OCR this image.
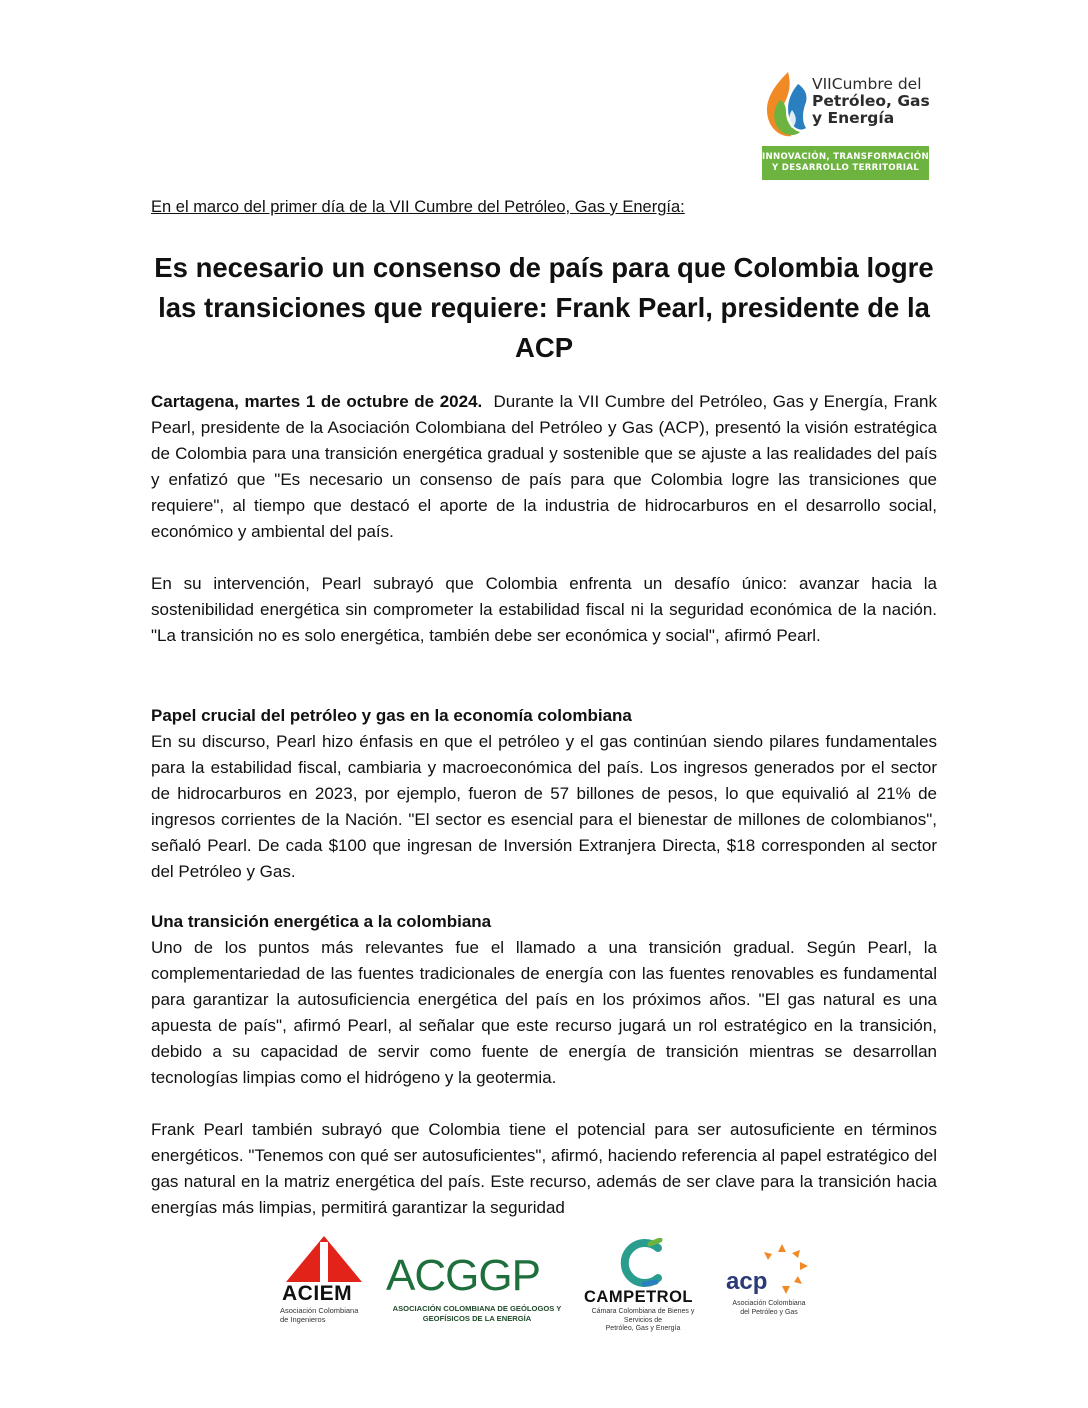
VIICumbre del
Petróleo, Gas
y Energía
INNOVACIÓN, TRANSFORMACIÓN
Y DESARROLLO TERRITORIAL
En el marco del primer día de la VII Cumbre del Petróleo, Gas y Energía:
Es necesario un consenso de país para que Colombia logre las transiciones que requiere: Frank Pearl, presidente de la ACP
Cartagena, martes 1 de octubre de 2024. Durante la VII Cumbre del Petróleo, Gas y Energía, Frank Pearl, presidente de la Asociación Colombiana del Petróleo y Gas (ACP), presentó la visión estratégica de Colombia para una transición energética gradual y sostenible que se ajuste a las realidades del país y enfatizó que "Es necesario un consenso de país para que Colombia logre las transiciones que requiere", al tiempo que destacó el aporte de la industria de hidrocarburos en el desarrollo social, económico y ambiental del país.
En su intervención, Pearl subrayó que Colombia enfrenta un desafío único: avanzar hacia la sostenibilidad energética sin comprometer la estabilidad fiscal ni la seguridad económica de la nación. "La transición no es solo energética, también debe ser económica y social", afirmó Pearl.
Papel crucial del petróleo y gas en la economía colombiana
En su discurso, Pearl hizo énfasis en que el petróleo y el gas continúan siendo pilares fundamentales para la estabilidad fiscal, cambiaria y macroeconómica del país. Los ingresos generados por el sector de hidrocarburos en 2023, por ejemplo, fueron de 57 billones de pesos, lo que equivalió al 21% de ingresos corrientes de la Nación. "El sector es esencial para el bienestar de millones de colombianos", señaló Pearl. De cada $100 que ingresan de Inversión Extranjera Directa, $18 corresponden al sector del Petróleo y Gas.
Una transición energética a la colombiana
Uno de los puntos más relevantes fue el llamado a una transición gradual. Según Pearl, la complementariedad de las fuentes tradicionales de energía con las fuentes renovables es fundamental para garantizar la autosuficiencia energética del país en los próximos años. "El gas natural es una apuesta de país", afirmó Pearl, al señalar que este recurso jugará un rol estratégico en la transición, debido a su capacidad de servir como fuente de energía de transición mientras se desarrollan tecnologías limpias como el hidrógeno y la geotermia.
Frank Pearl también subrayó que Colombia tiene el potencial para ser autosuficiente en términos energéticos. "Tenemos con qué ser autosuficientes", afirmó, haciendo referencia al papel estratégico del gas natural en la matriz energética del país. Este recurso, además de ser clave para la transición hacia energías más limpias, permitirá garantizar la seguridad
ACIEM
Asociación Colombiana
de Ingenieros
ACGGP
ASOCIACIÓN COLOMBIANA DE GEÓLOGOS Y
GEOFÍSICOS DE LA ENERGÍA
CAMPETROL
Cámara Colombiana de Bienes y Servicios de
Petróleo, Gas y Energía
acp
Asociación Colombiana
del Petróleo y Gas
